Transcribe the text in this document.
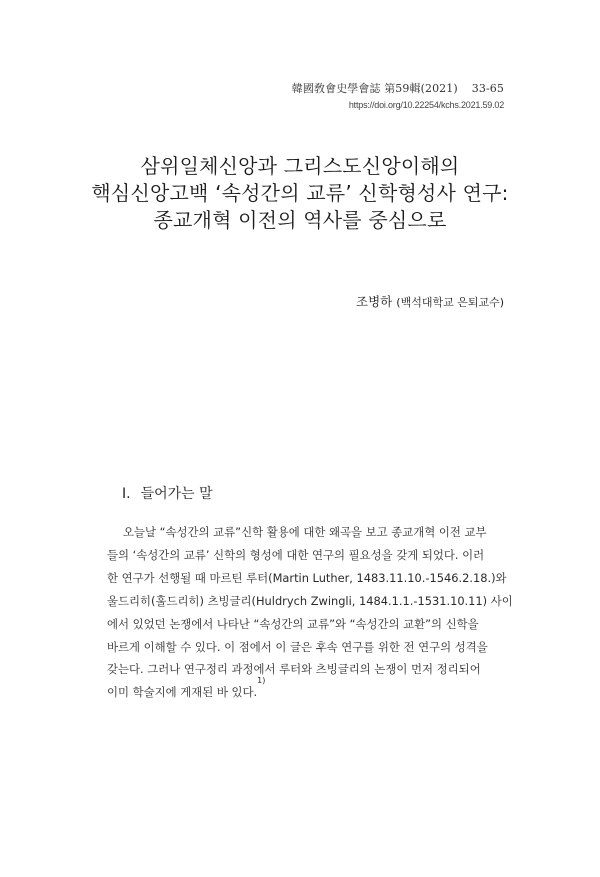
韓國敎會史學會誌 第59輯(2021) 33-65
https://doi.org/10.22254/kchs.2021.59.02
삼위일체신앙과 그리스도신앙이해의
핵심신앙고백 ‘속성간의 교류’ 신학형성사 연구:
종교개혁 이전의 역사를 중심으로
조병하 (백석대학교 은퇴교수)
Ⅰ. 들어가는 말
오늘날 “속성간의 교류”신학 활용에 대한 왜곡을 보고 종교개혁 이전 교부
들의 ‘속성간의 교류’ 신학의 형성에 대한 연구의 필요성을 갖게 되었다. 이러
한 연구가 선행될 때 마르틴 루터(Martin Luther, 1483.11.10.-1546.2.18.)와
울드리히(훌드리히) 츠빙글리(Huldrych Zwingli, 1484.1.1.-1531.10.11) 사이
에서 있었던 논쟁에서 나타난 “속성간의 교류”와 “속성간의 교환”의 신학을
바르게 이해할 수 있다. 이 점에서 이 글은 후속 연구를 위한 전 연구의 성격을
갖는다. 그러나 연구정리 과정에서 루터와 츠빙글리의 논쟁이 먼저 정리되어
이미 학술지에 게재된 바 있다.
1)
